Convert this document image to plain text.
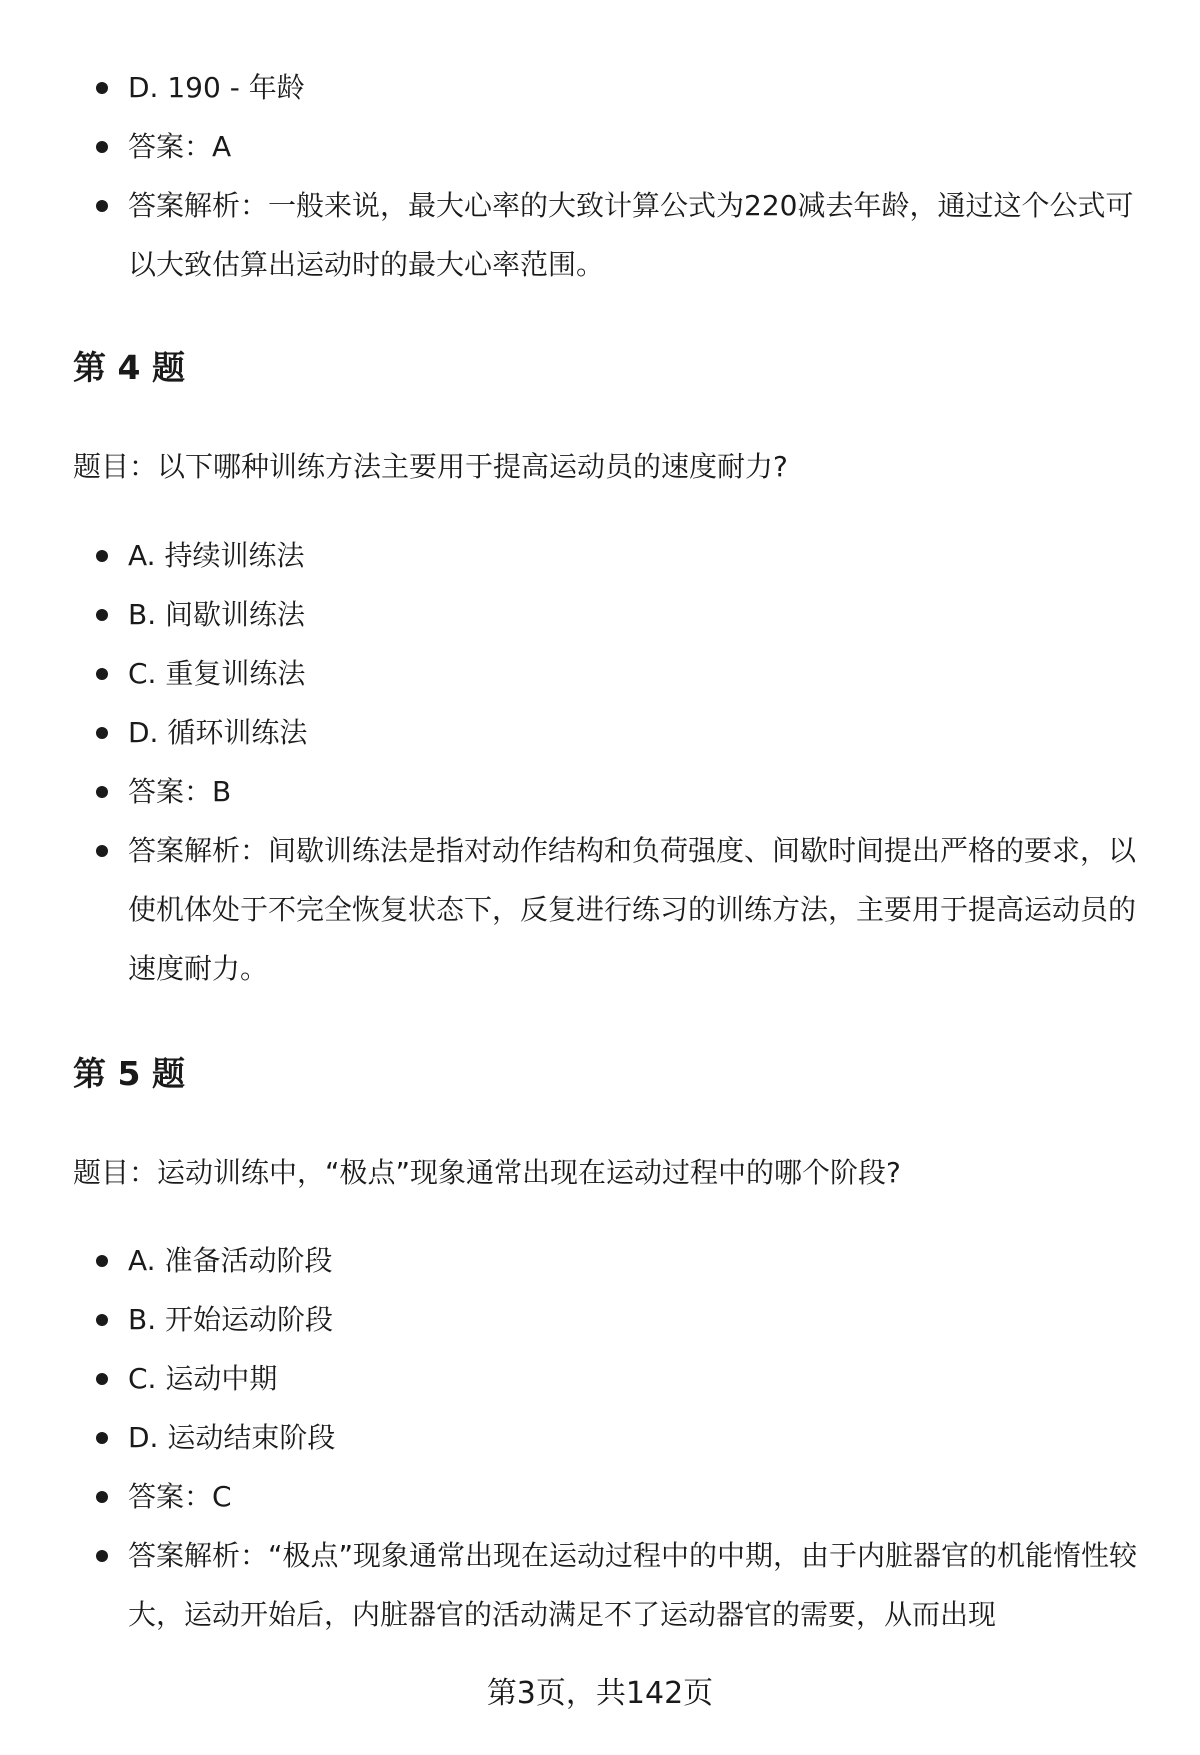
D. 190 - 年龄
答案：A
答案解析：一般来说，最大心率的大致计算公式为220减去年龄，通过这个公式可以大致估算出运动时的最大心率范围。
第 4 题
题目：以下哪种训练方法主要用于提高运动员的速度耐力?
A. 持续训练法
B. 间歇训练法
C. 重复训练法
D. 循环训练法
答案：B
答案解析：间歇训练法是指对动作结构和负荷强度、间歇时间提出严格的要求，以使机体处于不完全恢复状态下，反复进行练习的训练方法，主要用于提高运动员的速度耐力。
第 5 题
题目：运动训练中，“极点”现象通常出现在运动过程中的哪个阶段?
A. 准备活动阶段
B. 开始运动阶段
C. 运动中期
D. 运动结束阶段
答案：C
答案解析：“极点”现象通常出现在运动过程中的中期，由于内脏器官的机能惰性较大，运动开始后，内脏器官的活动满足不了运动器官的需要，从而出现
第3页，共142页
